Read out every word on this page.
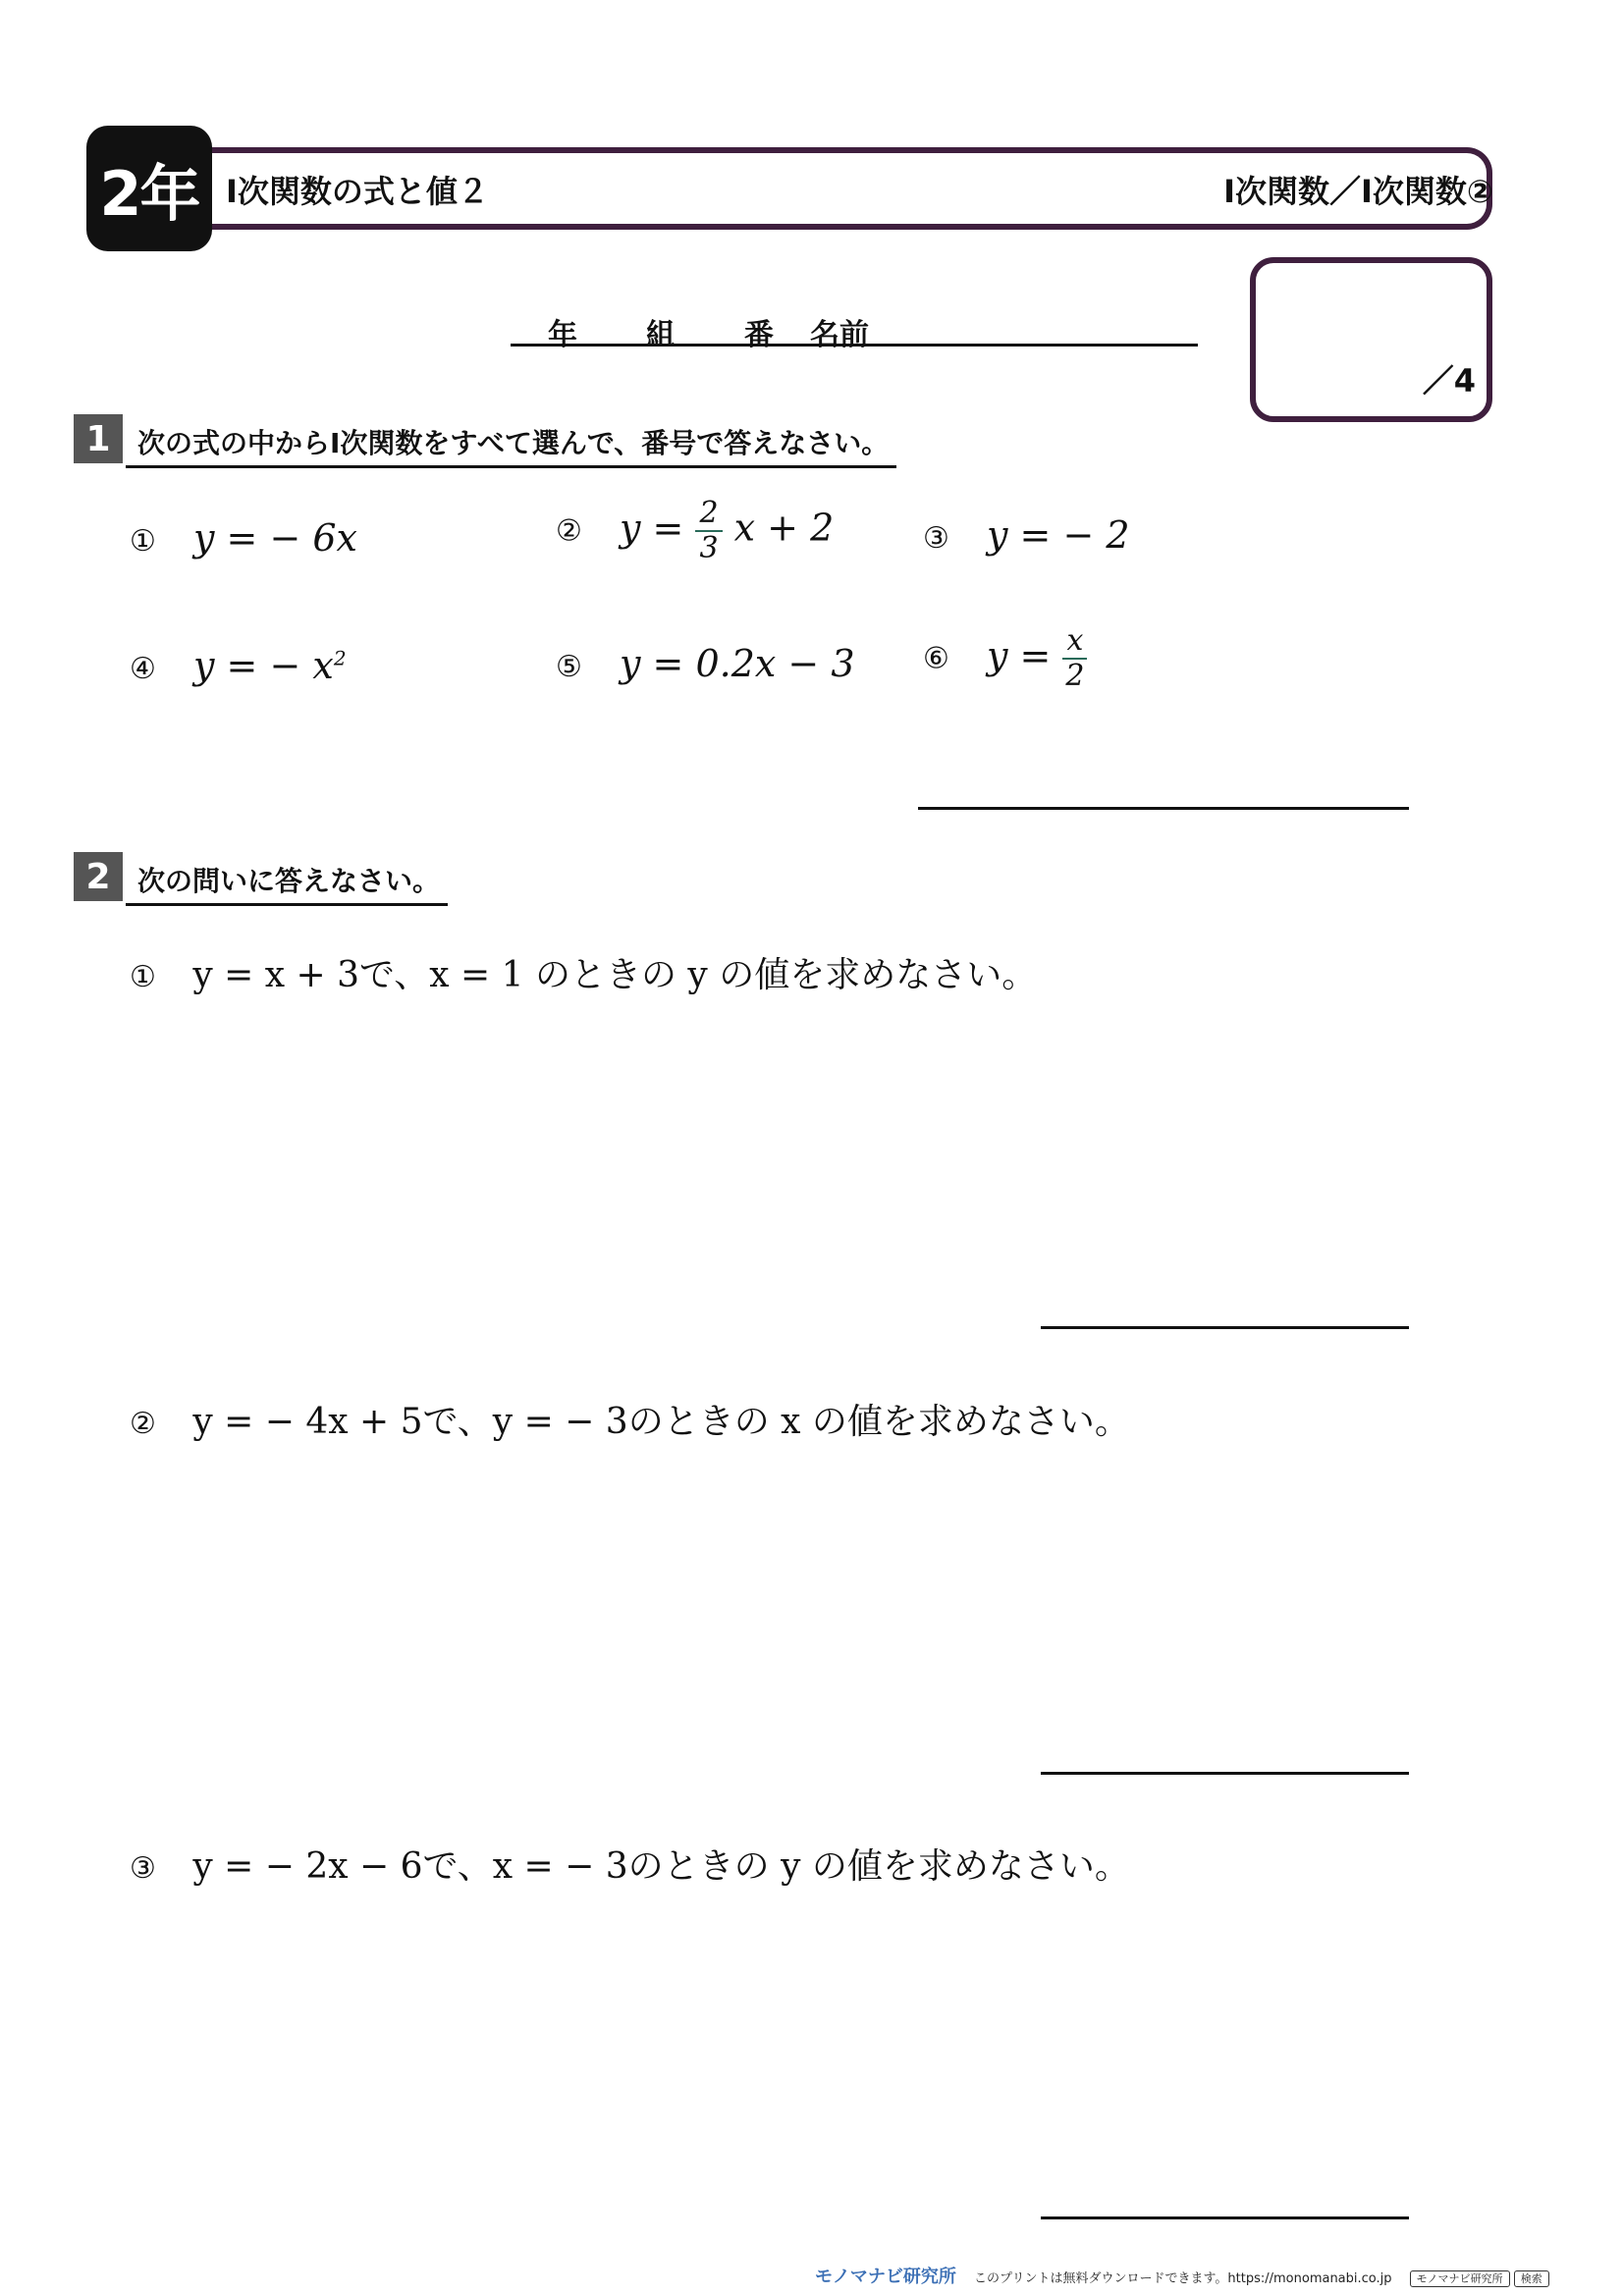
2年 Ⅰ次関数の式と値２	Ⅰ次関数／Ⅰ次関数②
年 組 番 名前
／4
1 次の式の中からⅠ次関数をすべて選んで、番号で答えなさい。
① y = − 6x	② $y = \frac{2}{3}$ x + 2	③ y = − 2
④ y = − $x^2$	⑤ y = 0.2x − 3 ⑥ $y = \frac{x}{2}$
2 次の問いに答えなさい。
① y = x + 3で、x = 1 のときの y の値を求めなさい。
② y = − 4x + 5で、y = − 3のときの x の値を求めなさい。
③ y = − 2x − 6で、x = − 3のときの y の値を求めなさい。
モノマナビ研究所 このプリントは無料ダウンロードできます。https://monomanabi.co.jp モノマナビ研究所 検索
